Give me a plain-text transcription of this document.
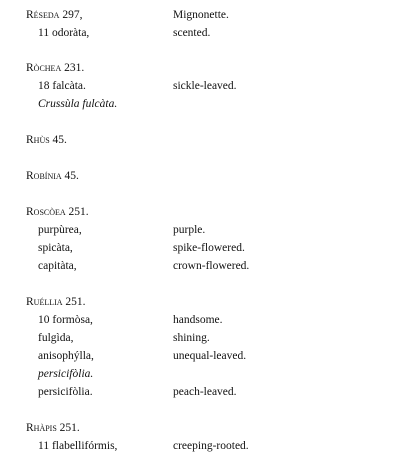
Réseda 297,	Mignonette.
11 odoràta,	scented.
Ròchea 231.
18 falcàta.	sickle-leaved.
Crussùla fulcàta.
Rhùs 45.
Robínia 45.
Roscòea 251.
purpùrea,	purple.
spicàta,	spike-flowered.
capitàta,	crown-flowered.
Ruéllia 251.
10 formòsa,	handsome.
fulgìda,	shining.
anisophýlla,	unequal-leaved.
persicifòlia.
persicifòlia.	peach-leaved.
Rhàpis 251.
11 flabellifórmis,	creeping-rooted.
